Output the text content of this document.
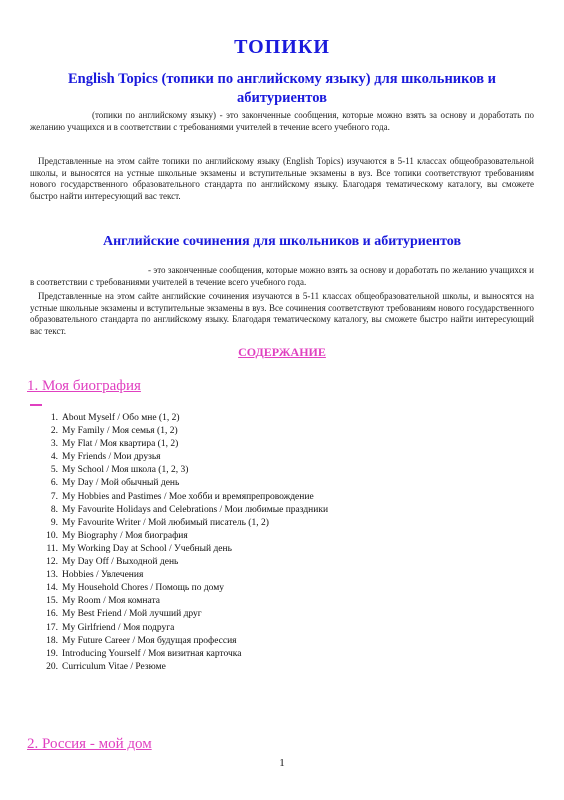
ТОПИКИ
English Topics (топики по английскому языку) для школьников и абитуриентов
(топики по английскому языку) - это законченные сообщения, которые можно взять за основу и доработать по желанию учащихся и в соответствии с требованиями учителей в течение всего учебного года.
Представленные на этом сайте топики по английскому языку (English Topics) изучаются в 5-11 классах общеобразовательной школы, и выносятся на устные школьные экзамены и вступительные экзамены в вуз. Все топики соответствуют требованиям нового государственного образовательного стандарта по английскому языку. Благодаря тематическому каталогу, вы сможете быстро найти интересующий вас текст.
Английские сочинения для школьников и абитуриентов
- это законченные сообщения, которые можно взять за основу и доработать по желанию учащихся и в соответствии с требованиями учителей в течение всего учебного года.
Представленные на этом сайте английские сочинения изучаются в 5-11 классах общеобразовательной школы, и выносятся на устные школьные экзамены и вступительные экзамены в вуз. Все сочинения соответствуют требованиям нового государственного образовательного стандарта по английскому языку. Благодаря тематическому каталогу, вы сможете быстро найти интересующий вас текст.
СОДЕРЖАНИЕ
1. Моя биография
1. About Myself / Обо мне (1, 2)
2. My Family / Моя семья (1, 2)
3. My Flat / Моя квартира (1, 2)
4. My Friends / Мои друзья
5. My School / Моя школа (1, 2, 3)
6. My Day / Мой обычный день
7. My Hobbies and Pastimes / Мое хобби и времяпрепровождение
8. My Favourite Holidays and Celebrations / Мои любимые праздники
9. My Favourite Writer / Мой любимый писатель (1, 2)
10. My Biography / Моя биография
11. My Working Day at School / Учебный день
12. My Day Off / Выходной день
13. Hobbies / Увлечения
14. My Household Chores / Помощь по дому
15. My Room / Моя комната
16. My Best Friend / Мой лучший друг
17. My Girlfriend / Моя подруга
18. My Future Career / Моя будущая профессия
19. Introducing Yourself / Моя визитная карточка
20. Curriculum Vitae / Резюме
2. Россия - мой дом
1
